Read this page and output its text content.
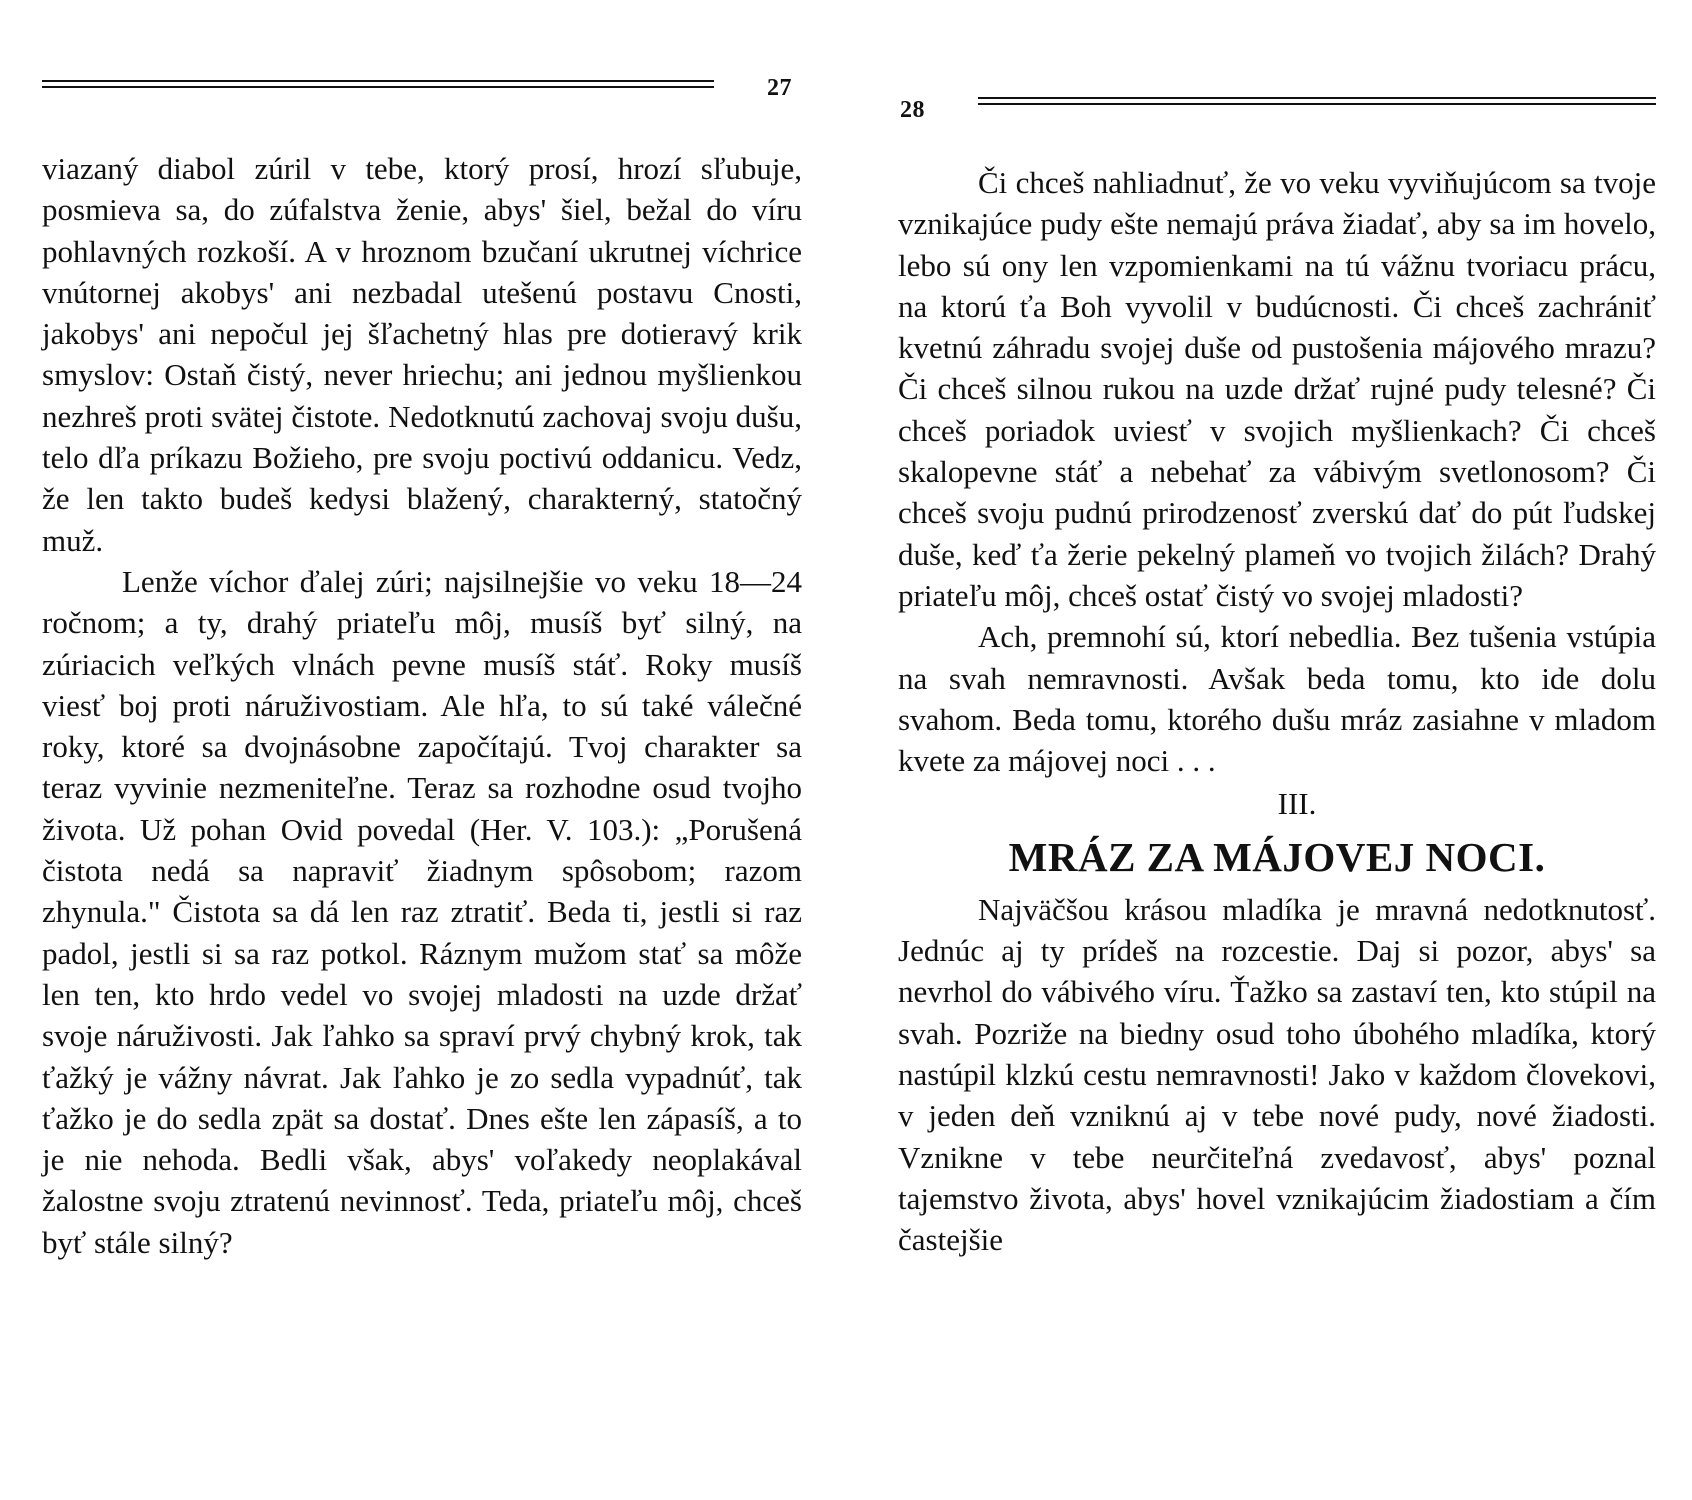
27

viazaný diabol zúril v tebe, ktorý prosí, hrozí sľubuje, posmieva sa, do zúfalstva ženie, abys' šiel, bežal do víru pohlavných rozkoší. A v hroznom bzučaní ukrutnej víchrice vnútornej akobys' ani nezbadal utešenú postavu Cnosti, jakobys' ani nepočul jej šľachetný hlas pre dotieravý krik smyslov: Ostaň čistý, never hriechu; ani jednou myšlienkou nezhreš proti svätej čistote. Nedotknutú zachovaj svoju dušu, telo dľa príkazu Božieho, pre svoju poctivú oddanicu. Vedz, že len takto budeš kedysi blažený, charakterný, statočný muž.

Lenže víchor ďalej zúri; najsilnejšie vo veku 18—24 ročnom; a ty, drahý priateľu môj, musíš byť silný, na zúriacich veľkých vlnách pevne musíš stáť. Roky musíš viesť boj proti náruživostiam. Ale hľa, to sú také válečné roky, ktoré sa dvojnásobne započítajú. Tvoj charakter sa teraz vyvinie nezmeniteľne. Teraz sa rozhodne osud tvojho života. Už pohan Ovid povedal (Her. V. 103.): „Porušená čistota nedá sa napraviť žiadnym spôsobom; razom zhynula." Čistota sa dá len raz ztratiť. Beda ti, jestli si raz padol, jestli si sa raz potkol. Ráznym mužom stať sa môže len ten, kto hrdo vedel vo svojej mladosti na uzde držať svoje náruživosti. Jak ľahko sa spraví prvý chybný krok, tak ťažký je vážny návrat. Jak ľahko je zo sedla vypadnúť, tak ťažko je do sedla zpät sa dostať. Dnes ešte len zápasíš, a to je nie nehoda. Bedli však, abys' voľakedy neoplakával žalostne svoju ztratenú nevinnosť. Teda, priateľu môj, chceš byť stále silný?

28

Či chceš nahliadnuť, že vo veku vyviňujúcom sa tvoje vznikajúce pudy ešte nemajú práva žiadať, aby sa im hovelo, lebo sú ony len vzpomienkami na tú vážnu tvoriacu prácu, na ktorú ťa Boh vyvolil v budúcnosti. Či chceš zachrániť kvetnú záhradu svojej duše od pustošenia májového mrazu? Či chceš silnou rukou na uzde držať rujné pudy telesné? Či chceš poriadok uviesť v svojich myšlienkach? Či chceš skalopevne stáť a nebehať za vábivým svetlonosom? Či chceš svoju pudnú prirodzenosť zverskú dať do pút ľudskej duše, keď ťa žerie pekelný plameň vo tvojich žilách? Drahý priateľu môj, chceš ostať čistý vo svojej mladosti?

Ach, premnohí sú, ktorí nebedlia. Bez tušenia vstúpia na svah nemravnosti. Avšak beda tomu, kto ide dolu svahom. Beda tomu, ktorého dušu mráz zasiahne v mladom kvete za májovej noci . . .

III.
MRÁZ ZA MÁJOVEJ NOCI.

Najväčšou krásou mladíka je mravná nedotknutosť. Jednúc aj ty prídeš na rozcestie. Daj si pozor, abys' sa nevrhol do vábivého víru. Ťažko sa zastaví ten, kto stúpil na svah. Pozriže na biedny osud toho úbohého mladíka, ktorý nastúpil klzkú cestu nemravnosti! Jako v každom človekovi, v jeden deň vzniknú aj v tebe nové pudy, nové žiadosti. Vznikne v tebe neurčiteľná zvedavosť, abys' poznal tajemstvo života, abys' hovel vznikajúcim žiadostiam a čím častejšie
